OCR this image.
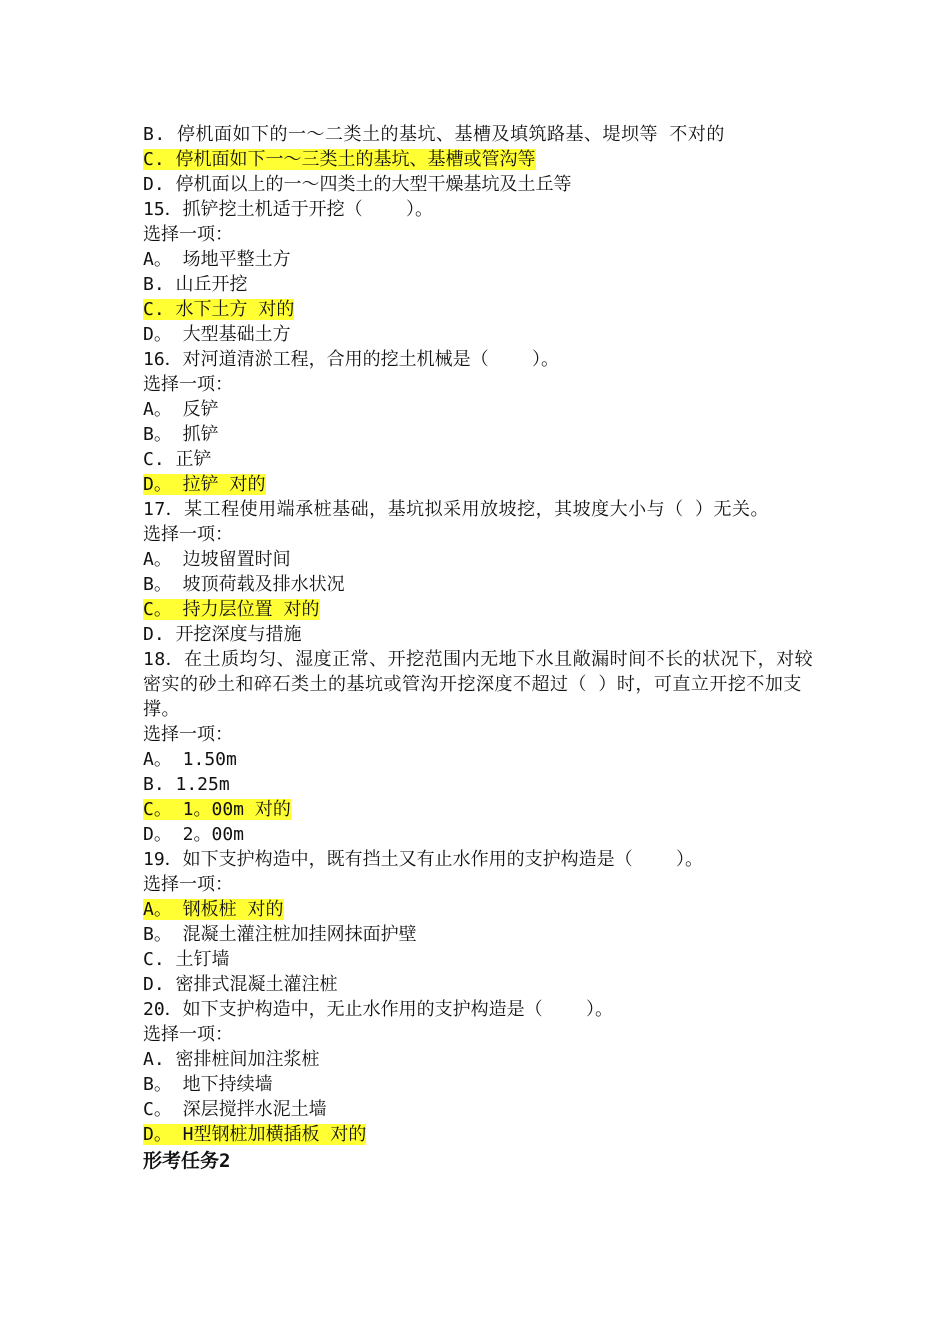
B. 停机面如下的一～二类土的基坑、基槽及填筑路基、堤坝等 不对的
C. 停机面如下一～三类土的基坑、基槽或管沟等
D. 停机面以上的一～四类土的大型干燥基坑及土丘等
15．抓铲挖土机适于开挖（    ）。
选择一项：
A。 场地平整土方
B. 山丘开挖
C. 水下土方 对的
D。 大型基础土方
16．对河道清淤工程，合用的挖土机械是（    ）。
选择一项：
A。 反铲
B。 抓铲
C. 正铲
D。 拉铲 对的
17．某工程使用端承桩基础，基坑拟采用放坡挖，其坡度大小与（ ）无关。
选择一项：
A。 边坡留置时间
B。 坡顶荷载及排水状况
C。 持力层位置 对的
D. 开挖深度与措施
18．在土质均匀、湿度正常、开挖范围内无地下水且敞漏时间不长的状况下，对较密实的砂土和碎石类土的基坑或管沟开挖深度不超过（ ）时，可直立开挖不加支撑。
选择一项：
A。 1.50m
B. 1.25m
C。 1。00m 对的
D。 2。00m
19．如下支护构造中，既有挡土又有止水作用的支护构造是（    ）。
选择一项：
A。 钢板桩 对的
B。 混凝土灌注桩加挂网抹面护壁
C. 土钉墙
D. 密排式混凝土灌注桩
20．如下支护构造中，无止水作用的支护构造是（    ）。
选择一项：
A. 密排桩间加注浆桩
B。 地下持续墙
C。 深层搅拌水泥土墙
D。 H型钢桩加横插板 对的
形考任务2
